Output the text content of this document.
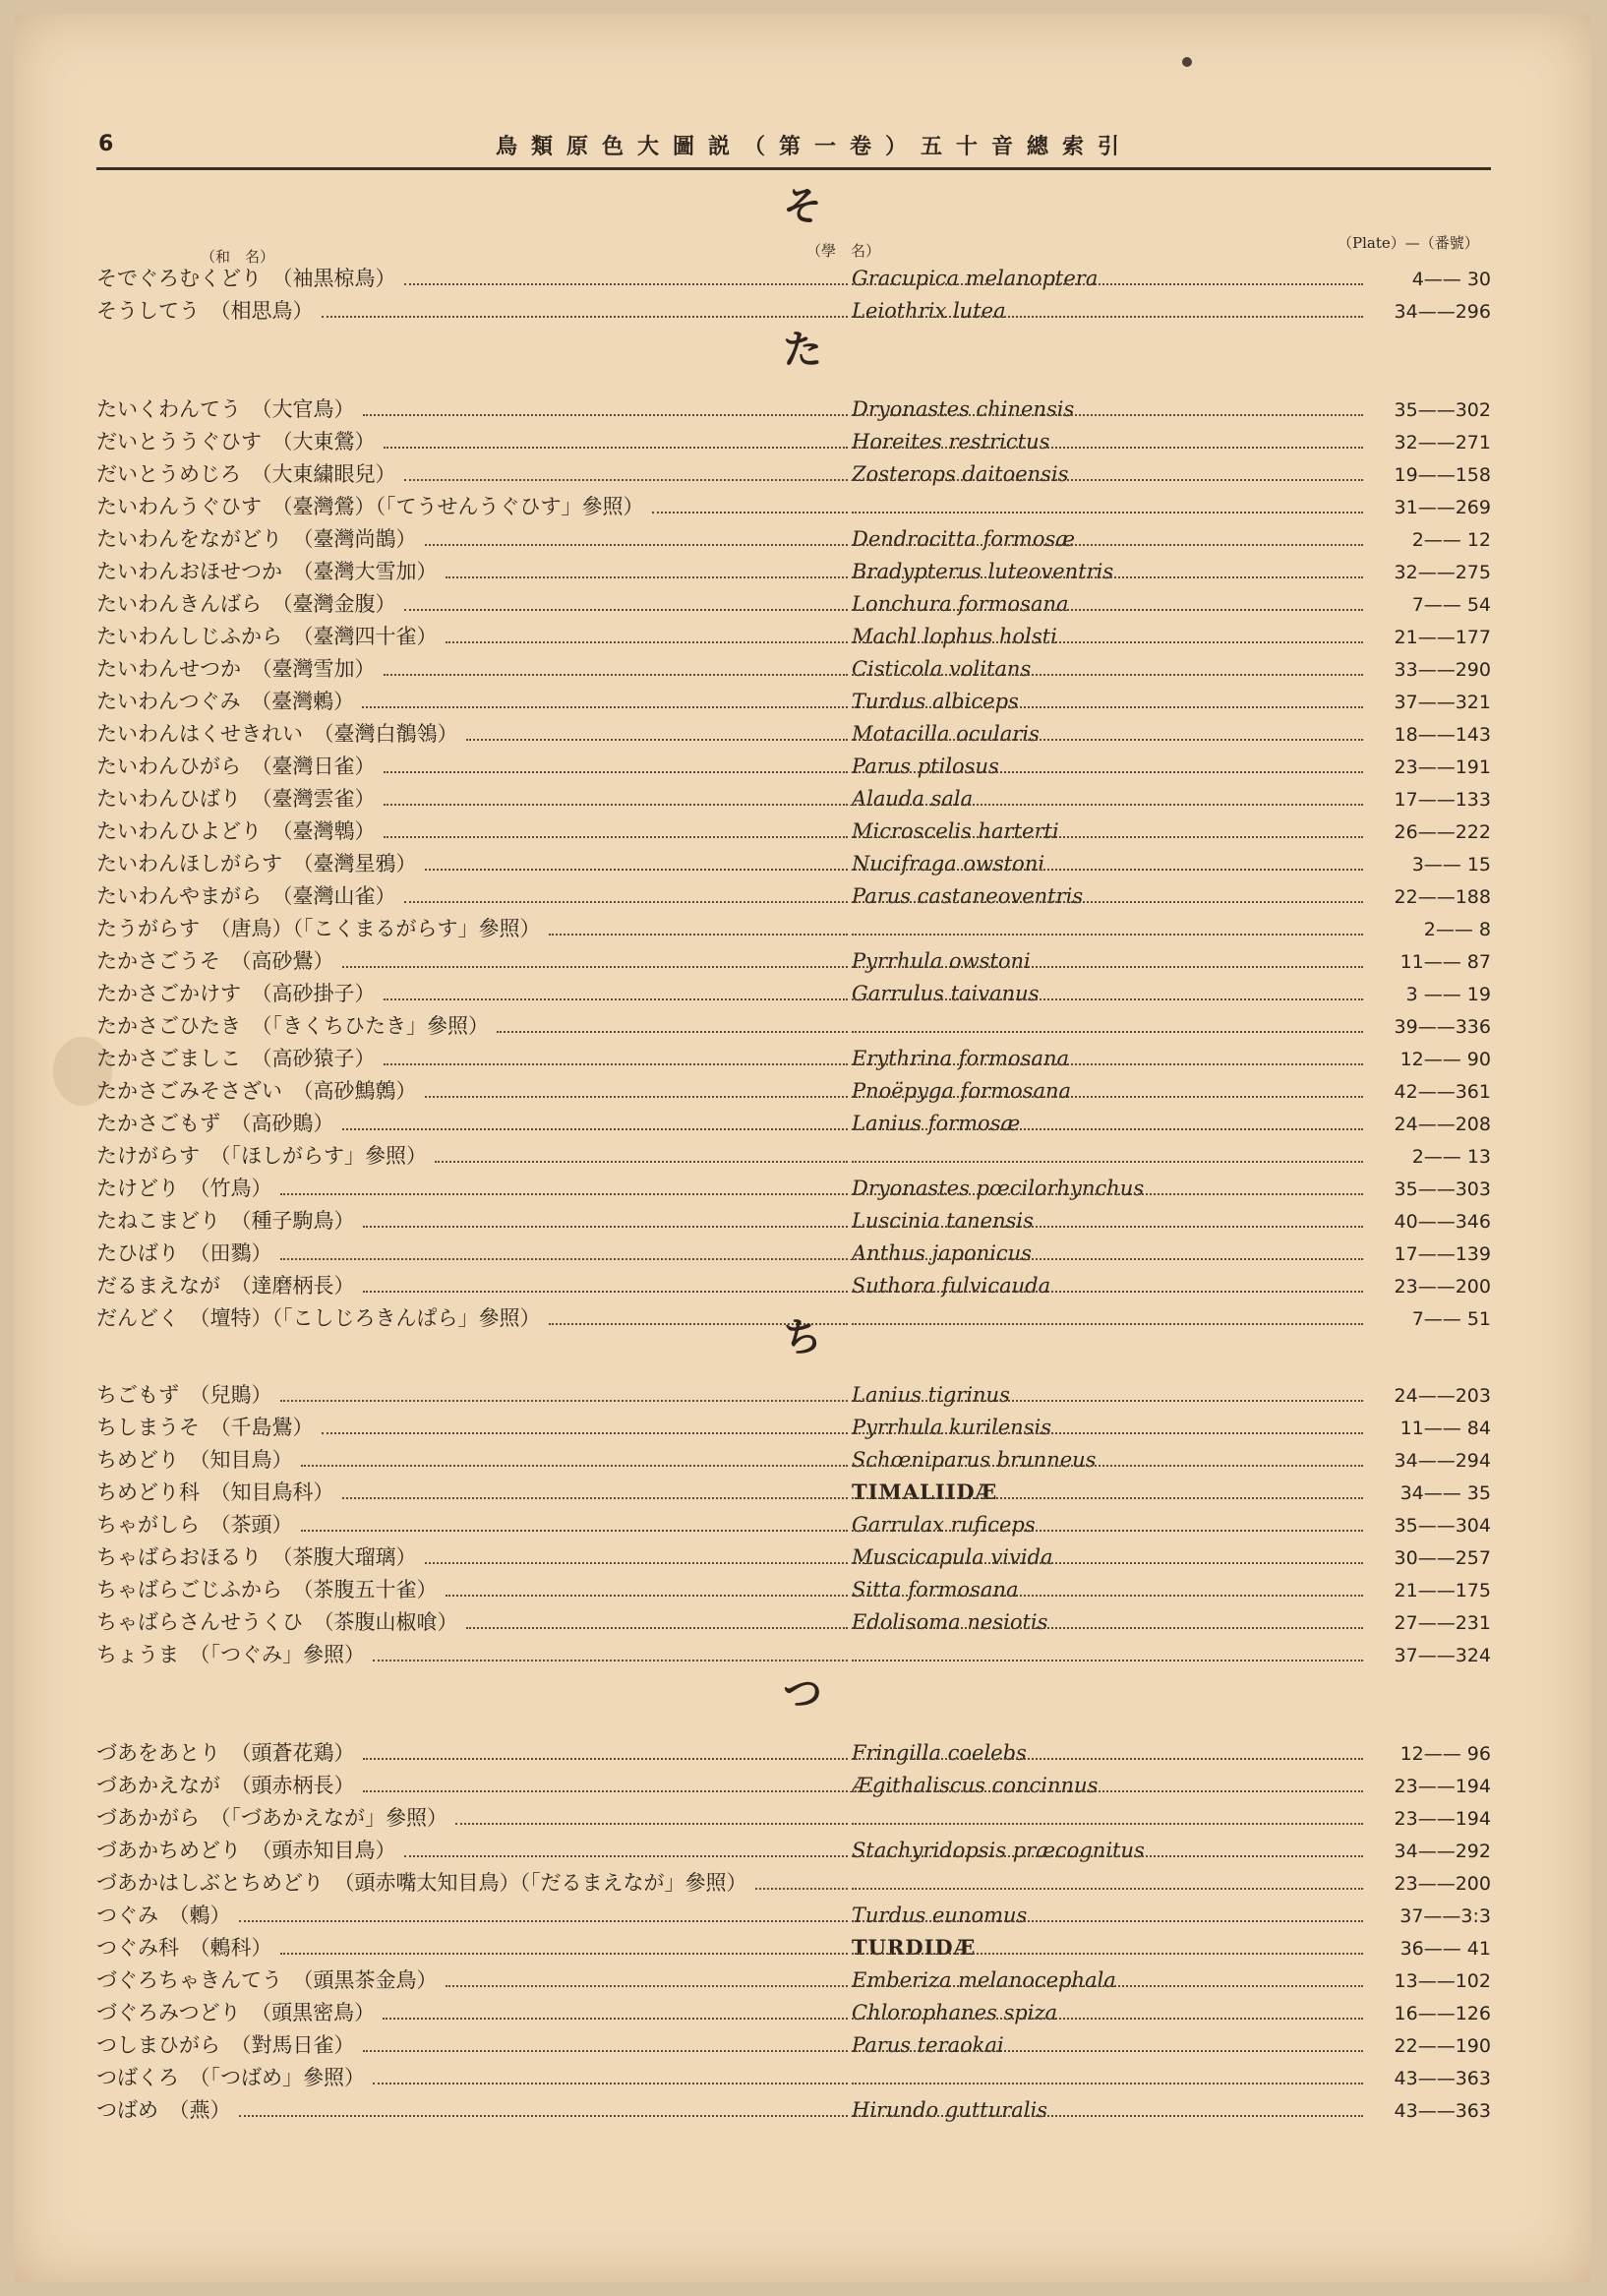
6	鳥類原色大圖説（第一卷）五十音總索引
（和　名）	（學　名）	（Plate）—（番號）
そ
そでぐろむくどり　（袖黒椋鳥）	Gracupica melanoptera	4—— 30
そうしてう　（相思鳥）	Leiothrix lutea	34——296
た
たいくわんてう　（大官鳥）	Dryonastes chinensis	35——302
だいとううぐひす　（大東鶯）	Horeites restrictus	32——271
だいとうめじろ　（大東繍眼兒）	Zosterops daitoensis	19——158
たいわんうぐひす　（臺灣鶯）（「てうせんうぐひす」參照）	31——269
たいわんをながどり　（臺灣尚鵲）	Dendrocitta formosæ	2—— 12
たいわんおほせつか　（臺灣大雪加）	Bradypterus luteoventris	32——275
たいわんきんばら　（臺灣金腹）	Lonchura formosana	7—— 54
たいわんしじふから　（臺灣四十雀）	Machl lophus holsti	21——177
たいわんせつか　（臺灣雪加）	Cisticola volitans	33——290
たいわんつぐみ　（臺灣鶫）	Turdus albiceps	37——321
たいわんはくせきれい　（臺灣白鶺鴒）	Motacilla ocularis	18——143
たいわんひがら　（臺灣日雀）	Parus ptilosus	23——191
たいわんひばり　（臺灣雲雀）	Alauda sala	17——133
たいわんひよどり　（臺灣鵯）	Microscelis harterti	26——222
たいわんほしがらす　（臺灣星鴉）	Nucifraga owstoni	3—— 15
たいわんやまがら　（臺灣山雀）	Parus castaneoventris	22——188
たうがらす　（唐鳥）（「こくまるがらす」參照）	2—— 8
たかさごうそ　（高砂鷽）	Pyrrhula owstoni	11—— 87
たかさごかけす　（高砂掛子）	Garrulus taivanus	3 —— 19
たかさごひたき　（「きくちひたき」參照）	39——336
たかさごましこ　（高砂猿子）	Erythrina formosana	12—— 90
たかさごみそさざい　（高砂鷦鷯）	Pnoëpyga formosana	42——361
たかさごもず　（高砂鵙）	Lanius formosæ	24——208
たけがらす　（「ほしがらす」參照）	2—— 13
たけどり　（竹鳥）	Dryonastes pœcilorhynchus	35——303
たねこまどり　（種子駒鳥）	Luscinia tanensis	40——346
たひばり　（田鷚）	Anthus japonicus	17——139
だるまえなが　（達磨柄長）	Suthora fulvicauda	23——200
だんどく　（壇特）（「こしじろきんぱら」參照）	7—— 51
ち
ちごもず　（兒鵙）	Lanius tigrinus	24——203
ちしまうそ　（千島鷽）	Pyrrhula kurilensis	11—— 84
ちめどり　（知目鳥）	Schœniparus brunneus	34——294
ちめどり科　（知目鳥科）	TIMALIIDÆ	34—— 35
ちゃがしら　（茶頭）	Garrulax ruficeps	35——304
ちゃばらおほるり　（茶腹大瑠璃）	Muscicapula vivida	30——257
ちゃばらごじふから　（茶腹五十雀）	Sitta formosana	21——175
ちゃばらさんせうくひ　（茶腹山椒喰）	Edolisoma nesiotis	27——231
ちょうま　（「つぐみ」參照）	37——324
つ
づあをあとり　（頭蒼花鶏）	Fringilla coelebs	12—— 96
づあかえなが　（頭赤柄長）	Ægithaliscus concinnus	23——194
づあかがら　（「づあかえなが」參照）	23——194
づあかちめどり　（頭赤知目鳥）	Stachyridopsis præcognitus	34——292
づあかはしぶとちめどり　（頭赤嘴太知目鳥）（「だるまえなが」參照）	23——200
つぐみ　（鶫）	Turdus eunomus	37——3:3
つぐみ科　（鶫科）	TURDIDÆ	36—— 41
づぐろちゃきんてう　（頭黒茶金鳥）	Emberiza melanocephala	13——102
づぐろみつどり　（頭黒密鳥）	Chlorophanes spiza	16——126
つしまひがら　（對馬日雀）	Parus teraokai	22——190
つばくろ　（「つばめ」參照）	43——363
つばめ　（燕）	Hirundo gutturalis	43——363
